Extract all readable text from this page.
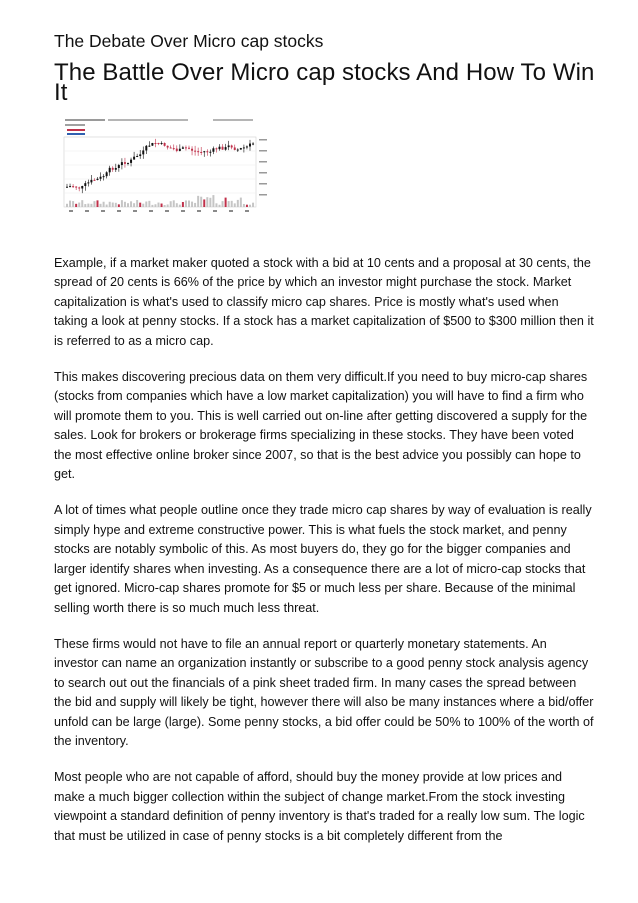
The Debate Over Micro cap stocks
The Battle Over Micro cap stocks And How To Win It

Example, if a market maker quoted a stock with a bid at 10 cents and a proposal at 30 cents, the spread of 20 cents is 66% of the price by which an investor might purchase the stock. Market capitalization is what's used to classify micro cap shares. Price is mostly what's used when taking a look at penny stocks. If a stock has a market capitalization of $500 to $300 million then it is referred to as a micro cap.

This makes discovering precious data on them very difficult.If you need to buy micro-cap shares (stocks from companies which have a low market capitalization) you will have to find a firm who will promote them to you. This is well carried out on-line after getting discovered a supply for the sales. Look for brokers or brokerage firms specializing in these stocks. They have been voted the most effective online broker since 2007, so that is the best advice you possibly can hope to get.

A lot of times what people outline once they trade micro cap shares by way of evaluation is really simply hype and extreme constructive power. This is what fuels the stock market, and penny stocks are notably symbolic of this. As most buyers do, they go for the bigger companies and larger identify shares when investing. As a consequence there are a lot of micro-cap stocks that get ignored. Micro-cap shares promote for $5 or much less per share. Because of the minimal selling worth there is so much much less threat.

These firms would not have to file an annual report or quarterly monetary statements. An investor can name an organization instantly or subscribe to a good penny stock analysis agency to search out out the financials of a pink sheet traded firm. In many cases the spread between the bid and supply will likely be tight, however there will also be many instances where a bid/offer unfold can be large (large). Some penny stocks, a bid offer could be 50% to 100% of the worth of the inventory.

Most people who are not capable of afford, should buy the money provide at low prices and make a much bigger collection within the subject of change market.From the stock investing viewpoint a standard definition of penny inventory is that's traded for a really low sum. The logic that must be utilized in case of penny stocks is a bit completely different from the
